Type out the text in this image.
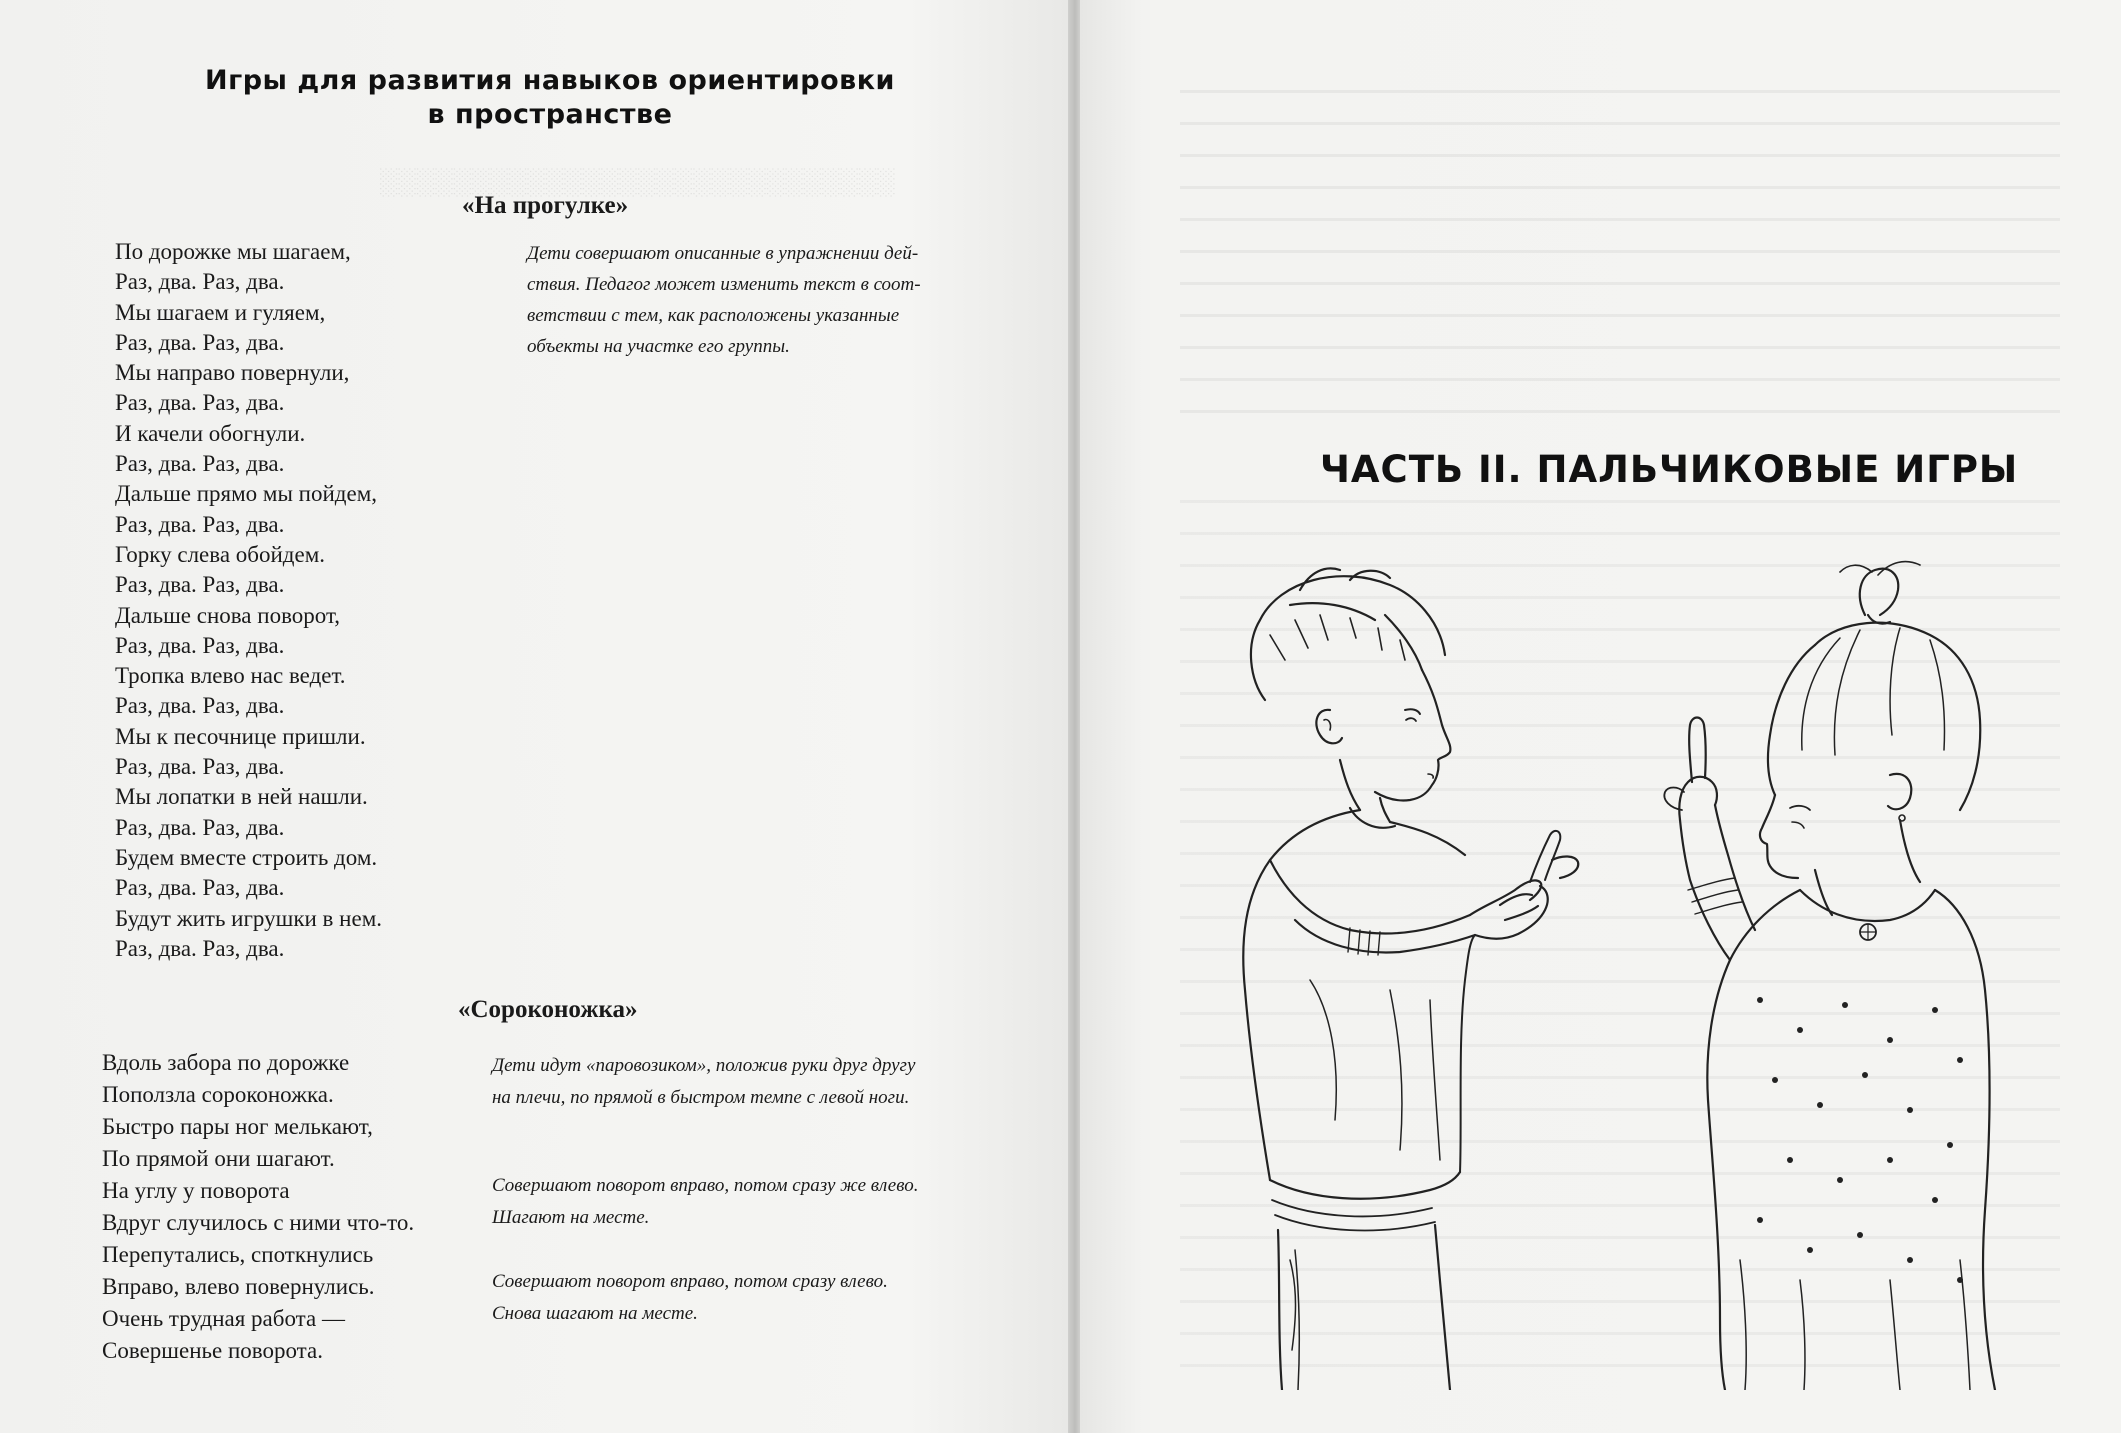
░░░░░░░░░░░░░░░░░░░░░░░░░░░░
Игры для развития навыков ориентировки
в пространстве
«На прогулке»
По дорожке мы шагаем,
Раз, два. Раз, два.
Мы шагаем и гуляем,
Раз, два. Раз, два.
Мы направо повернули,
Раз, два. Раз, два.
И качели обогнули.
Раз, два. Раз, два.
Дальше прямо мы пойдем,
Раз, два. Раз, два.
Горку слева обойдем.
Раз, два. Раз, два.
Дальше снова поворот,
Раз, два. Раз, два.
Тропка влево нас ведет.
Раз, два. Раз, два.
Мы к песочнице пришли.
Раз, два. Раз, два.
Мы лопатки в ней нашли.
Раз, два. Раз, два.
Будем вместе строить дом.
Раз, два. Раз, два.
Будут жить игрушки в нем.
Раз, два. Раз, два.
Дети совершают описанные в упражнении дей-
ствия. Педагог может изменить текст в соот-
ветствии с тем, как расположены указанные
объекты на участке его группы.
«Сороконожка»
Вдоль забора по дорожке
Поползла сороконожка.
Быстро пары ног мелькают,
По прямой они шагают.
На углу у поворота
Вдруг случилось с ними что-то.
Перепутались, споткнулись
Вправо, влево повернулись.
Очень трудная работа —
Совершенье поворота.
Дети идут «паровозиком», положив руки друг другу
на плечи, по прямой в быстром темпе с левой ноги.
Совершают поворот вправо, потом сразу же влево.
Шагают на месте.
Совершают поворот вправо, потом сразу влево.
Снова шагают на месте.
ЧАСТЬ II. ПАЛЬЧИКОВЫЕ ИГРЫ
